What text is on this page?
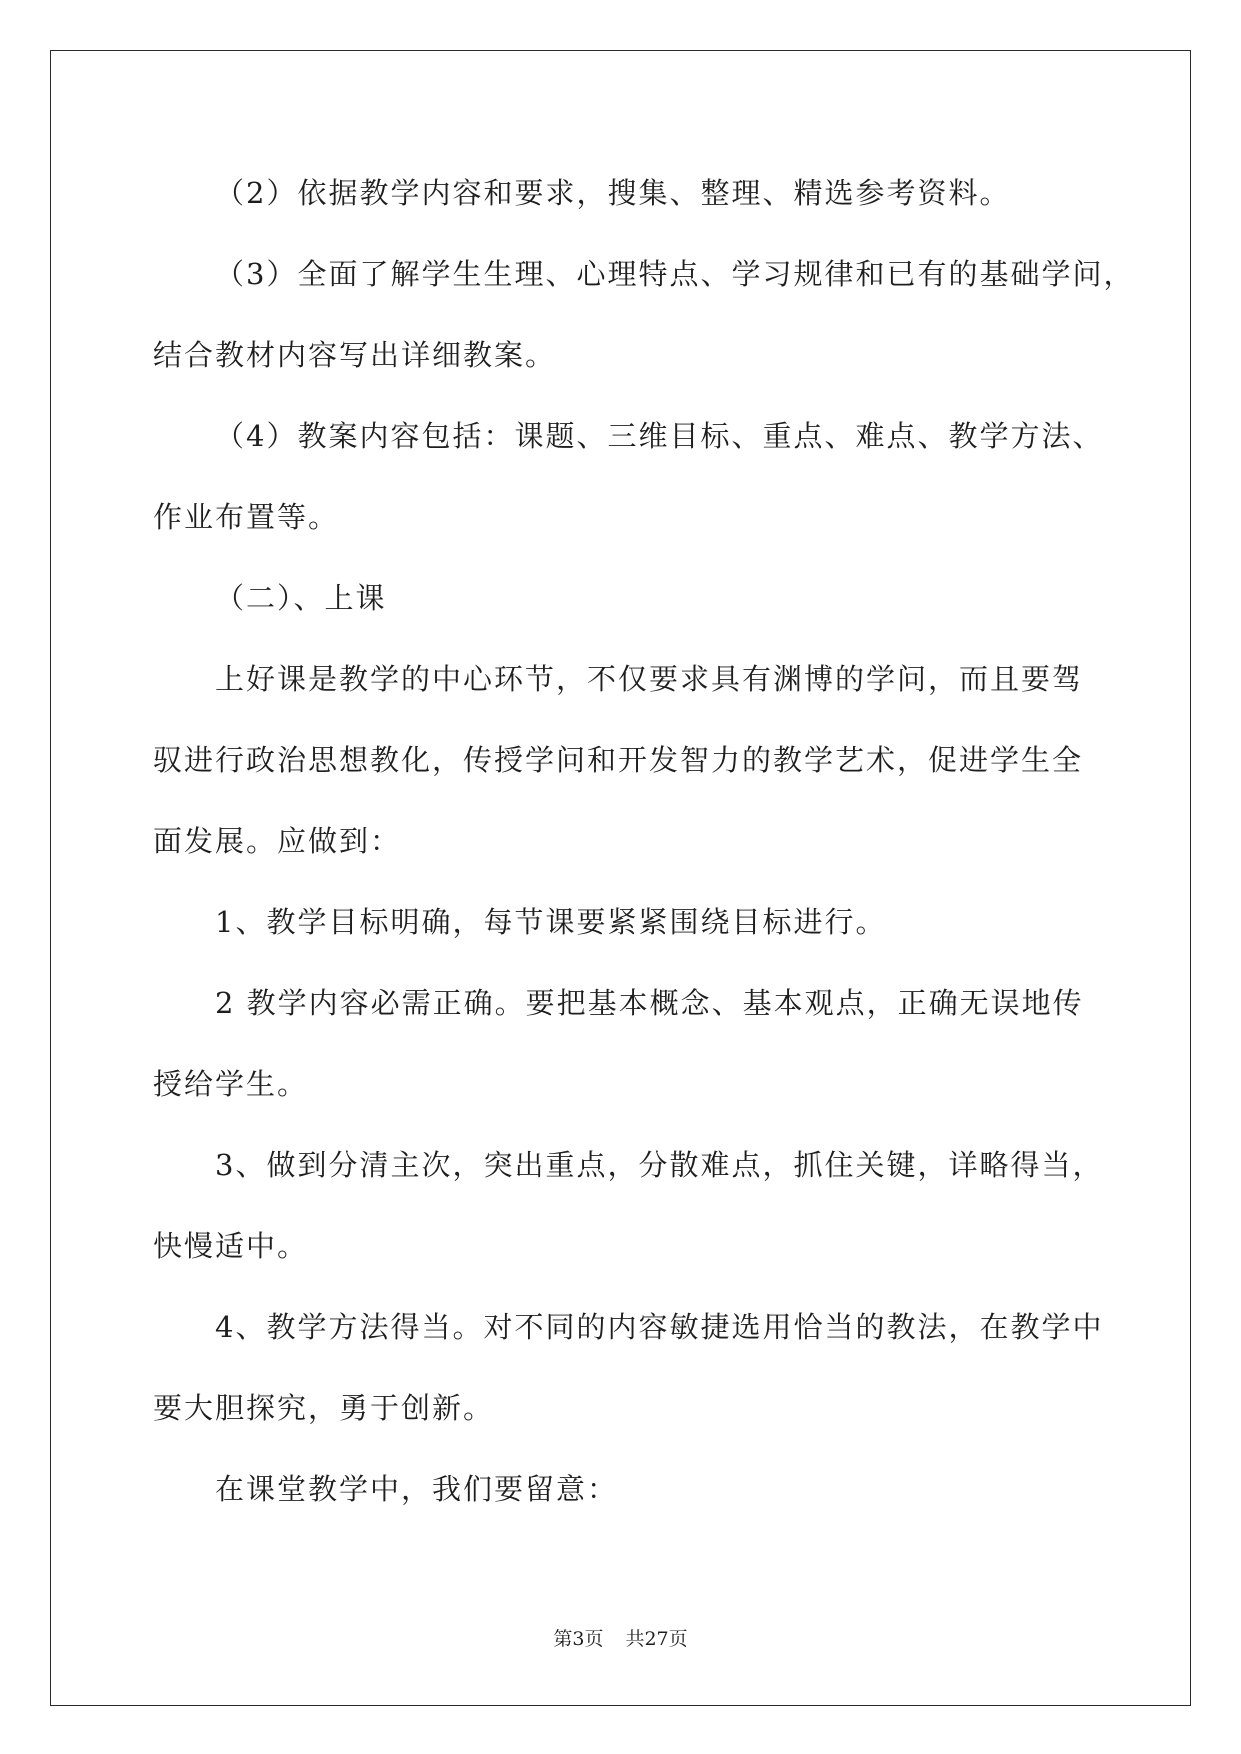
（2）依据教学内容和要求，搜集、整理、精选参考资料。
（3）全面了解学生生理、心理特点、学习规律和已有的基础学问，
结合教材内容写出详细教案。
（4）教案内容包括：课题、三维目标、重点、难点、教学方法、
作业布置等。
（二）、上课
上好课是教学的中心环节，不仅要求具有渊博的学问，而且要驾
驭进行政治思想教化，传授学问和开发智力的教学艺术，促进学生全
面发展。应做到：
1、教学目标明确，每节课要紧紧围绕目标进行。
2 教学内容必需正确。要把基本概念、基本观点，正确无误地传
授给学生。
3、做到分清主次，突出重点，分散难点，抓住关键，详略得当，
快慢适中。
4、教学方法得当。对不同的内容敏捷选用恰当的教法，在教学中
要大胆探究，勇于创新。
在课堂教学中，我们要留意：
第3页 共27页
